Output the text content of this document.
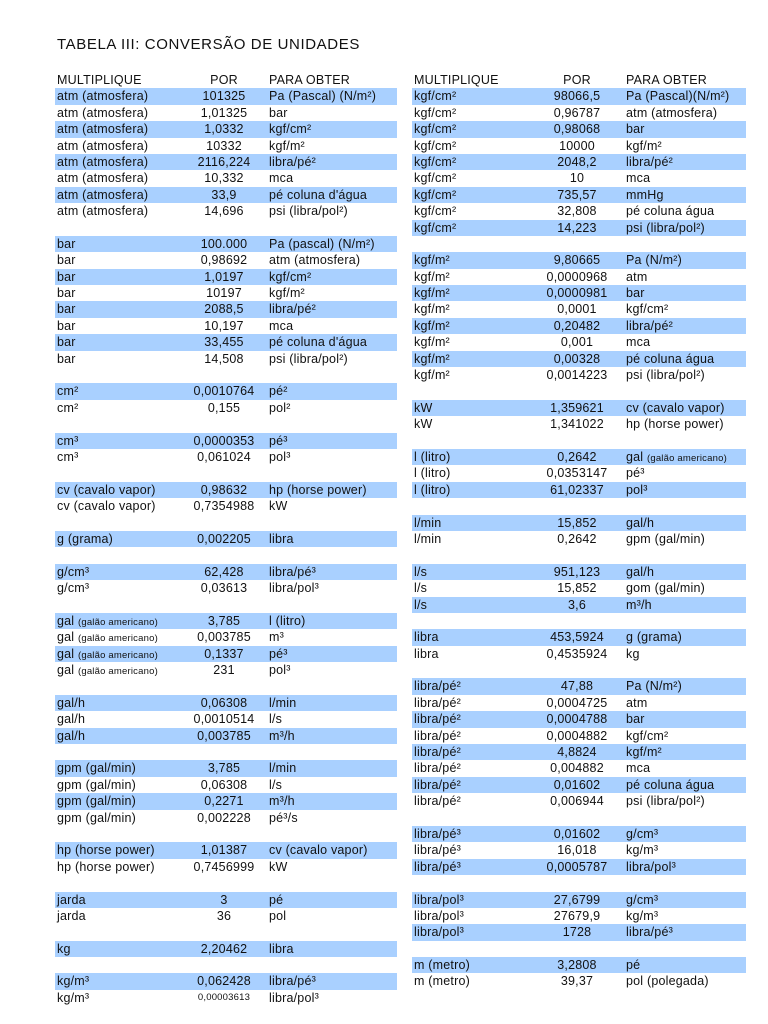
TABELA III: CONVERSÃO DE UNIDADES
MULTIPLIQUE	POR	PARA OBTER
atm (atmosfera)	101325	Pa (Pascal) (N/m²)
atm (atmosfera)	1,01325	bar
atm (atmosfera)	1,0332	kgf/cm²
atm (atmosfera)	10332	kgf/m²
atm (atmosfera)	2116,224	libra/pé²
atm (atmosfera)	10,332	mca
atm (atmosfera)	33,9	pé coluna d'água
atm (atmosfera)	14,696	psi (libra/pol²)
bar	100.000	Pa (pascal) (N/m²)
bar	0,98692	atm (atmosfera)
bar	1,0197	kgf/cm²
bar	10197	kgf/m²
bar	2088,5	libra/pé²
bar	10,197	mca
bar	33,455	pé coluna d'água
bar	14,508	psi (libra/pol²)
cm²	0,0010764	pé²
cm²	0,155	pol²
cm³	0,0000353	pé³
cm³	0,061024	pol³
cv (cavalo vapor)	0,98632	hp (horse power)
cv (cavalo vapor)	0,7354988	kW
g (grama)	0,002205	libra
g/cm³	62,428	libra/pé³
g/cm³	0,03613	libra/pol³
gal (galão americano)	3,785	l (litro)
gal (galão americano)	0,003785	m³
gal (galão americano)	0,1337	pé³
gal (galão americano)	231	pol³
gal/h	0,06308	l/min
gal/h	0,0010514	l/s
gal/h	0,003785	m³/h
gpm (gal/min)	3,785	l/min
gpm (gal/min)	0,06308	l/s
gpm (gal/min)	0,2271	m³/h
gpm (gal/min)	0,002228	pé³/s
hp (horse power)	1,01387	cv (cavalo vapor)
hp (horse power)	0,7456999	kW
jarda	3	pé
jarda	36	pol
kg	2,20462	libra
kg/m³	0,062428	libra/pé³
kg/m³	0,00003613	libra/pol³
MULTIPLIQUE	POR	PARA OBTER
kgf/cm²	98066,5	Pa (Pascal)(N/m²)
kgf/cm²	0,96787	atm (atmosfera)
kgf/cm²	0,98068	bar
kgf/cm²	10000	kgf/m²
kgf/cm²	2048,2	libra/pé²
kgf/cm²	10	mca
kgf/cm²	735,57	mmHg
kgf/cm²	32,808	pé coluna água
kgf/cm²	14,223	psi (libra/pol²)
kgf/m²	9,80665	Pa (N/m²)
kgf/m²	0,0000968	atm
kgf/m²	0,0000981	bar
kgf/m²	0,0001	kgf/cm²
kgf/m²	0,20482	libra/pé²
kgf/m²	0,001	mca
kgf/m²	0,00328	pé coluna água
kgf/m²	0,0014223	psi (libra/pol²)
kW	1,359621	cv (cavalo vapor)
kW	1,341022	hp (horse power)
l (litro)	0,2642	gal (galão americano)
l (litro)	0,0353147	pé³
l (litro)	61,02337	pol³
l/min	15,852	gal/h
l/min	0,2642	gpm (gal/min)
l/s	951,123	gal/h
l/s	15,852	gom (gal/min)
l/s	3,6	m³/h
libra	453,5924	g (grama)
libra	0,4535924	kg
libra/pé²	47,88	Pa (N/m²)
libra/pé²	0,0004725	atm
libra/pé²	0,0004788	bar
libra/pé²	0,0004882	kgf/cm²
libra/pé²	4,8824	kgf/m²
libra/pé²	0,004882	mca
libra/pé²	0,01602	pé coluna água
libra/pé²	0,006944	psi (libra/pol²)
libra/pé³	0,01602	g/cm³
libra/pé³	16,018	kg/m³
libra/pé³	0,0005787	libra/pol³
libra/pol³	27,6799	g/cm³
libra/pol³	27679,9	kg/m³
libra/pol³	1728	libra/pé³
m (metro)	3,2808	pé
m (metro)	39,37	pol (polegada)
